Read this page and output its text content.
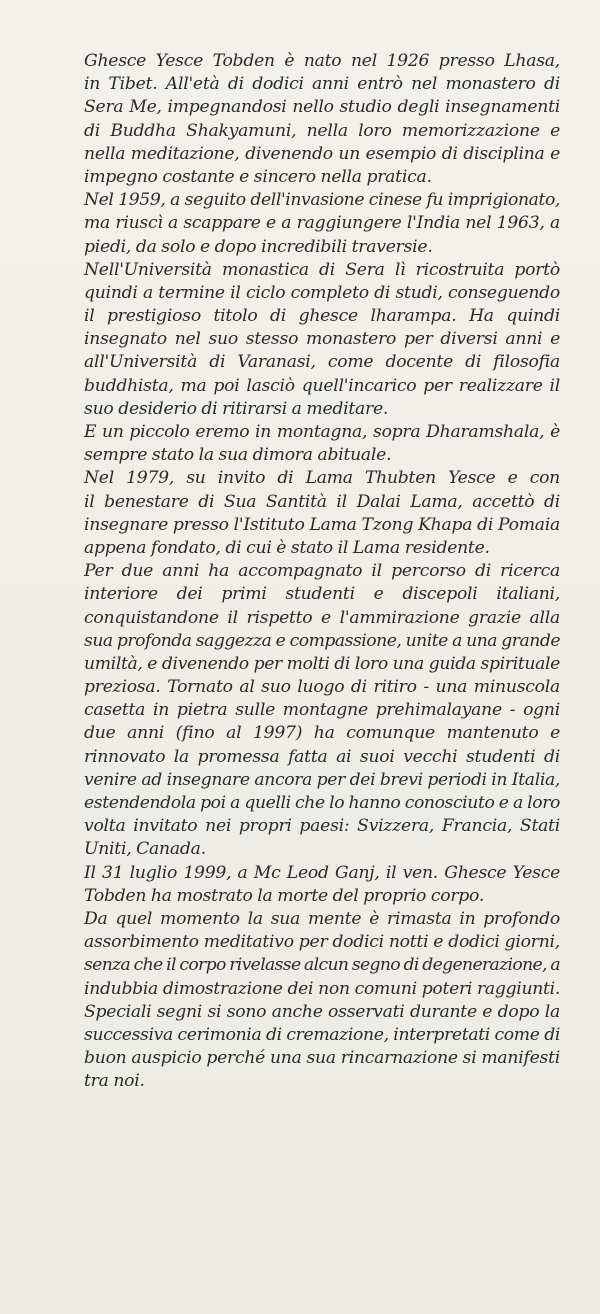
Ghesce Yesce Tobden è nato nel 1926 presso Lhasa,
in Tibet. All'età di dodici anni entrò nel monastero di
Sera Me, impegnandosi nello studio degli insegnamenti
di Buddha Shakyamuni, nella loro memorizzazione e
nella meditazione, divenendo un esempio di disciplina e
impegno costante e sincero nella pratica.
Nel 1959, a seguito dell'invasione cinese fu imprigionato,
ma riuscì a scappare e a raggiungere l'India nel 1963, a
piedi, da solo e dopo incredibili traversie.
Nell'Università monastica di Sera lì ricostruita portò
quindi a termine il ciclo completo di studi, conseguendo
il prestigioso titolo di ghesce lharampa. Ha quindi
insegnato nel suo stesso monastero per diversi anni e
all'Università di Varanasi, come docente di filosofia
buddhista, ma poi lasciò quell'incarico per realizzare il
suo desiderio di ritirarsi a meditare.
E un piccolo eremo in montagna, sopra Dharamshala, è
sempre stato la sua dimora abituale.
Nel 1979, su invito di Lama Thubten Yesce e con
il benestare di Sua Santità il Dalai Lama, accettò di
insegnare presso l'Istituto Lama Tzong Khapa di Pomaia
appena fondato, di cui è stato il Lama residente.
Per due anni ha accompagnato il percorso di ricerca
interiore dei primi studenti e discepoli italiani,
conquistandone il rispetto e l'ammirazione grazie alla
sua profonda saggezza e compassione, unite a una grande
umiltà, e divenendo per molti di loro una guida spirituale
preziosa. Tornato al suo luogo di ritiro - una minuscola
casetta in pietra sulle montagne prehimalayane - ogni
due anni (fino al 1997) ha comunque mantenuto e
rinnovato la promessa fatta ai suoi vecchi studenti di
venire ad insegnare ancora per dei brevi periodi in Italia,
estendendola poi a quelli che lo hanno conosciuto e a loro
volta invitato nei propri paesi: Svizzera, Francia, Stati
Uniti, Canada.
Il 31 luglio 1999, a Mc Leod Ganj, il ven. Ghesce Yesce
Tobden ha mostrato la morte del proprio corpo.
Da quel momento la sua mente è rimasta in profondo
assorbimento meditativo per dodici notti e dodici giorni,
senza che il corpo rivelasse alcun segno di degenerazione, a
indubbia dimostrazione dei non comuni poteri raggiunti.
Speciali segni si sono anche osservati durante e dopo la
successiva cerimonia di cremazione, interpretati come di
buon auspicio perché una sua rincarnazione si manifesti
tra noi.
